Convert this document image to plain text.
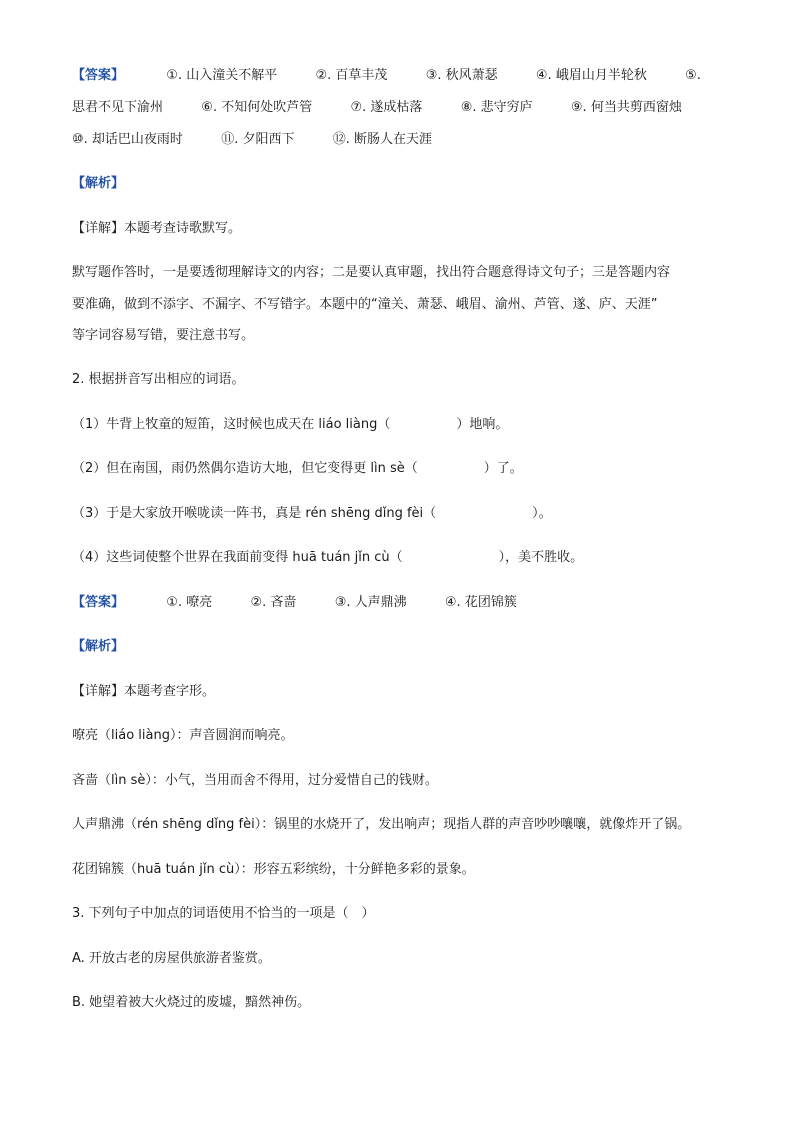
【答案】	①. 山入潼关不解平	②. 百草丰茂	③. 秋风萧瑟	④. 峨眉山月半轮秋	⑤.
思君不见下渝州	⑥. 不知何处吹芦管	⑦. 遂成枯落	⑧. 悲守穷庐	⑨. 何当共剪西窗烛
⑩. 却话巴山夜雨时	⑪. 夕阳西下	⑫. 断肠人在天涯
【解析】
【详解】本题考查诗歌默写。
默写题作答时，一是要透彻理解诗文的内容；二是要认真审题，找出符合题意得诗文句子；三是答题内容
要准确，做到不添字、不漏字、不写错字。本题中的“潼关、萧瑟、峨眉、渝州、芦管、遂、庐、天涯”
等字词容易写错，要注意书写。
2. 根据拼音写出相应的词语。
（1）牛背上牧童的短笛，这时候也成天在 liáo liàng（	）地响。
（2）但在南国，雨仍然偶尔造访大地，但它变得更 lìn sè（	）了。
（3）于是大家放开喉咙读一阵书，真是 rén shēng dǐng fèi（	）。
（4）这些词使整个世界在我面前变得 huā tuán jǐn cù（	），美不胜收。
【答案】	①. 嘹亮	②. 吝啬	③. 人声鼎沸	④. 花团锦簇
【解析】
【详解】本题考查字形。
嘹亮（liáo liàng）：声音圆润而响亮。
吝啬（lìn sè）：小气，当用而舍不得用，过分爱惜自己的钱财。
人声鼎沸（rén shēng dǐng fèi）：锅里的水烧开了，发出响声；现指人群的声音吵吵嚷嚷，就像炸开了锅。
花团锦簇（huā tuán jǐn cù）：形容五彩缤纷，十分鲜艳多彩的景象。
3. 下列句子中加点的词语使用不恰当的一项是（　）
A. 开放古老的房屋供旅游者鉴赏。
B. 她望着被大火烧过的废墟，黯然神伤。
